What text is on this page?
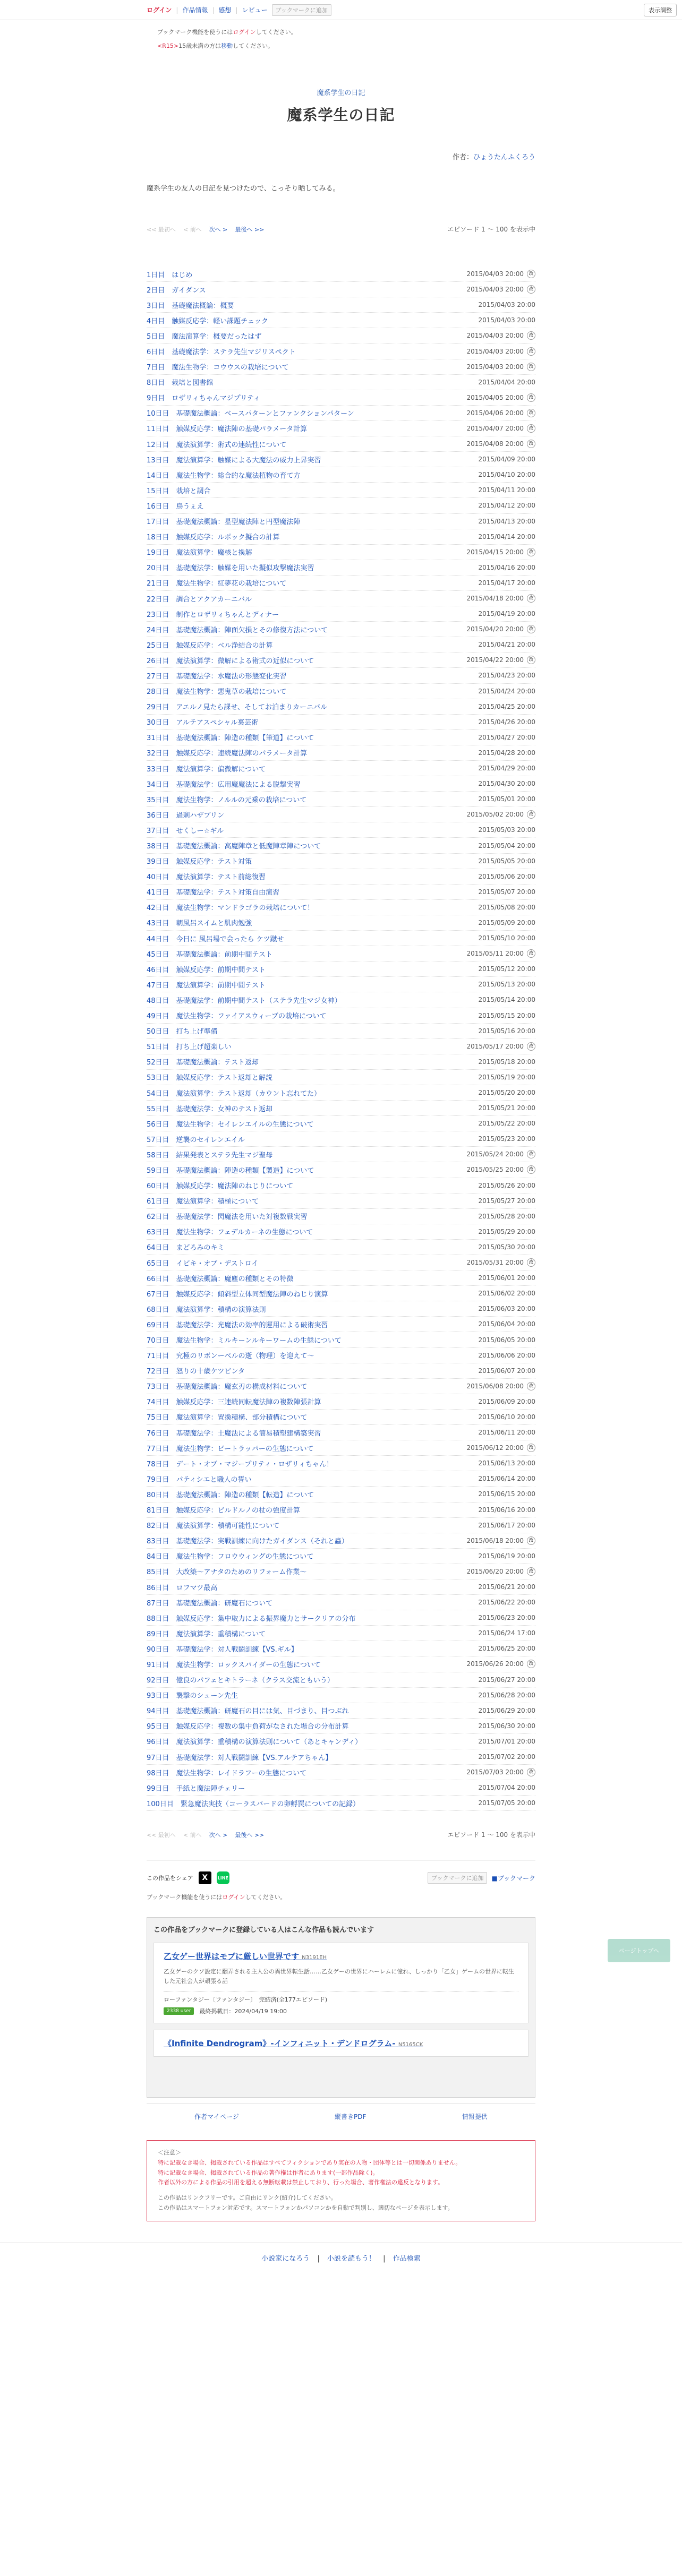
ログイン | 作品情報 | 感想 | レビュー	ブックマークに追加	表示調整
ブックマーク機能を使うにはログインしてください。
<R15>15歳未満の方は移動してください。
魔系学生の日記
魔系学生の日記
作者：ひょうたんふくろう
魔系学生の友人の日記を見つけたので、こっそり晒してみる。
<< 最初へ < 前へ 次へ > 最後へ >>	エピソード 1 ～ 100 を表示中
1日目　はじめ	2015/04/03 20:00	改
2日目　ガイダンス	2015/04/03 20:00	改
3日目　基礎魔法概論：概要	2015/04/03 20:00
4日目　触媒反応学：軽い課題チェック	2015/04/03 20:00
5日目　魔法演算学：概要だったはず	2015/04/03 20:00	改
6日目　基礎魔法学：ステラ先生マジリスペクト	2015/04/03 20:00	改
7日目　魔法生物学：コウウスの栽培について	2015/04/03 20:00	改
8日目　栽培と図書館	2015/04/04 20:00
9日目　ロザリィちゃんマジプリティ	2015/04/05 20:00	改
10日目　基礎魔法概論：ベースパターンとファンクションパターン	2015/04/06 20:00	改
11日目　触媒反応学：魔法陣の基礎パラメータ計算	2015/04/07 20:00	改
12日目　魔法演算学：術式の連続性について	2015/04/08 20:00	改
13日目　魔法演算学：触媒による大魔法の威力上昇実習	2015/04/09 20:00
14日目　魔法生物学：総合的な魔法植物の育て方	2015/04/10 20:00
15日目　栽培と調合	2015/04/11 20:00
16日目　鳥うぇえ	2015/04/12 20:00
17日目　基礎魔法概論：星型魔法陣と円型魔法陣	2015/04/13 20:00
18日目　触媒反応学：ルポック擬合の計算	2015/04/14 20:00
19日目　魔法演算学：魔核と換解	2015/04/15 20:00	改
20日目　基礎魔法学：触媒を用いた擬似攻撃魔法実習	2015/04/16 20:00
21日目　魔法生物学：紅夢花の栽培について	2015/04/17 20:00
22日目　調合とアクアカーニバル	2015/04/18 20:00	改
23日目　制作とロザリィちゃんとディナー	2015/04/19 20:00
24日目　基礎魔法概論：陣面欠損とその修復方法について	2015/04/20 20:00	改
25日目　触媒反応学：ベル浄結合の計算	2015/04/21 20:00
26日目　魔法演算学：微解による術式の近似について	2015/04/22 20:00	改
27日目　基礎魔法学：水魔法の形態変化実習	2015/04/23 20:00
28日目　魔法生物学：悪鬼草の栽培について	2015/04/24 20:00
29日目　アエルノ見たら課せ、そしてお泊まりカーニバル	2015/04/25 20:00
30日目　アルテアスペシャル裏芸術	2015/04/26 20:00
31日目　基礎魔法概論：陣造の種類【筆道】について	2015/04/27 20:00
32日目　触媒反応学：連続魔法陣のパラメータ計算	2015/04/28 20:00
33日目　魔法演算学：偏微解について	2015/04/29 20:00
34日目　基礎魔法学：広用魔魔法による脱撃実習	2015/04/30 20:00
35日目　魔法生物学：ノルルの元乗の栽培について	2015/05/01 20:00
36日目　過剰ハザプリン	2015/05/02 20:00	改
37日目　せくしー☆ギル	2015/05/03 20:00
38日目　基礎魔法概論：高魔陣章と低魔陣章陣について	2015/05/04 20:00
39日目　触媒反応学：テスト対策	2015/05/05 20:00
40日目　魔法演算学：テスト前総復習	2015/05/06 20:00
41日目　基礎魔法学：テスト対策自由演習	2015/05/07 20:00
42日目　魔法生物学：マンドラゴラの栽培について！	2015/05/08 20:00
43日目　朝風呂スイムと肌肉勉強	2015/05/09 20:00
44日目　今日に 風呂場で会ったら ケツ蹴せ	2015/05/10 20:00
45日目　基礎魔法概論：前期中間テスト	2015/05/11 20:00	改
46日目　触媒反応学：前期中間テスト	2015/05/12 20:00
47日目　魔法演算学：前期中間テスト	2015/05/13 20:00
48日目　基礎魔法学：前期中間テスト（ステラ先生マジ女神）	2015/05/14 20:00
49日目　魔法生物学：ファイアスウィーブの栽培について	2015/05/15 20:00
50日目　打ち上げ準備	2015/05/16 20:00
51日目　打ち上げ超楽しい	2015/05/17 20:00	改
52日目　基礎魔法概論：テスト返却	2015/05/18 20:00
53日目　触媒反応学：テスト返却と解説	2015/05/19 20:00
54日目　魔法演算学：テスト返却（カウント忘れてた）	2015/05/20 20:00
55日目　基礎魔法学：女神のテスト返却	2015/05/21 20:00
56日目　魔法生物学：セイレンエイルの生態について	2015/05/22 20:00
57日目　逆襲のセイレンエイル	2015/05/23 20:00
58日目　結果発表とステラ先生マジ聖母	2015/05/24 20:00	改
59日目　基礎魔法概論：陣造の種類【製造】について	2015/05/25 20:00	改
60日目　触媒反応学：魔法陣のねじりについて	2015/05/26 20:00
61日目　魔法演算学：積極について	2015/05/27 20:00
62日目　基礎魔法学：閃魔法を用いた対複数戦実習	2015/05/28 20:00
63日目　魔法生物学：フェデルカーネの生態について	2015/05/29 20:00
64日目　まどろみのキミ	2015/05/30 20:00
65日目　イビキ・オブ・デストロイ	2015/05/31 20:00	改
66日目　基礎魔法概論：魔塵の種類とその特徴	2015/06/01 20:00
67日目　触媒反応学：傾斜型立体同型魔法陣のねじり演算	2015/06/02 20:00
68日目　魔法演算学：積構の演算法則	2015/06/03 20:00
69日目　基礎魔法学：光魔法の効率的運用による破術実習	2015/06/04 20:00
70日目　魔法生物学：ミルキーンルキーワームの生態について	2015/06/05 20:00
71日目　究極のリボンーベルの逝（物理）を迎えて～	2015/06/06 20:00
72日目　怒りの十歳ケツビンタ	2015/06/07 20:00
73日目　基礎魔法概論：魔玄刃の構成材料について	2015/06/08 20:00	改
74日目　触媒反応学：三連続同転魔法陣の複数陣張計算	2015/06/09 20:00
75日目　魔法演算学：置換積構、部分積構について	2015/06/10 20:00
76日目　基礎魔法学：土魔法による簡易積塑建構築実習	2015/06/11 20:00
77日目　魔法生物学：ビートラッパーの生態について	2015/06/12 20:00	改
78日目　デート・オブ・マジープリティ・ロザリィちゃん！	2015/06/13 20:00
79日目　パティシエと職人の誓い	2015/06/14 20:00
80日目　基礎魔法概論：陣造の種類【転造】について	2015/06/15 20:00
81日目　触媒反応学：ビルドルノの杖の強度計算	2015/06/16 20:00
82日目　魔法演算学：積構可能性について	2015/06/17 20:00
83日目　基礎魔法学：実戦訓練に向けたガイダンス（それと蟲）	2015/06/18 20:00	改
84日目　魔法生物学：フロウウィングの生態について	2015/06/19 20:00
85日目　大改築～アナタのためのリフォーム作業～	2015/06/20 20:00	改
86日目　ロフマツ最高	2015/06/21 20:00
87日目　基礎魔法概論：研魔石について	2015/06/22 20:00
88日目　触媒反応学：集中取力による振界魔力とサークリアの分布	2015/06/23 20:00
89日目　魔法演算学：重積構について	2015/06/24 17:00
90日目　基礎魔法学：対人戦闘訓練【VS.ギル】	2015/06/25 20:00
91日目　魔法生物学：ロックスパイダーの生態について	2015/06/26 20:00	改
92日目　億良のパフェとキトラーネ（クラス交流ともいう）	2015/06/27 20:00
93日目　襲撃のシューン先生	2015/06/28 20:00
94日目　基礎魔法概論：研魔石の目には気、目づまり、目つぶれ	2015/06/29 20:00
95日目　触媒反応学：複数の集中負荷がなされた場合の分布計算	2015/06/30 20:00
96日目　魔法演算学：重積構の演算法則について（あとキャンディ）	2015/07/01 20:00
97日目　基礎魔法学：対人戦闘訓練【VS.アルテアちゃん】	2015/07/02 20:00
98日目　魔法生物学：レイドラフーの生態について	2015/07/03 20:00	改
99日目　手紙と魔法陣チェリー	2015/07/04 20:00
100日目　緊急魔法実技（コーラスバードの卵孵罠についての記録）	2015/07/05 20:00
<< 最初へ < 前へ 次へ > 最後へ >>	エピソード 1 ～ 100 を表示中
この作品をシェア	X	LINE	ブックマークに追加
■	ブックマーク
ブックマーク機能を使うにはログインしてください。
この作品をブックマークに登録している人はこんな作品も読んでいます
乙女ゲー世界はモブに厳しい世界です N3191EH
乙女ゲーのクソ設定に翻弄される主人公の異世界転生話……乙女ゲーの世界にハーレムに憧れ、しっかり「乙女」ゲームの世界に転生した元社会人が頑張る話
ローファンタジー〔ファンタジー〕　完結済(全177エピソード)
2338 user	最終掲載日：2024/04/19 19:00
《Infinite Dendrogram》-インフィニット・デンドログラム- N5165CK
作者マイページ	縦書きPDF	情報提供
＜注意＞
特に記載なき場合、掲載されている作品はすべてフィクションであり実在の人物・団体等とは一切関係ありません。
特に記載なき場合、掲載されている作品の著作権は作者にあります(一部作品除く)。
作者以外の方による作品の引用を超える無断転載は禁止しており、行った場合、著作権法の違反となります。
この作品はリンクフリーです。ご自由にリンク(紹介)してください。
この作品はスマートフォン対応です。スマートフォンかパソコンかを自動で判別し、適切なページを表示します。
小説家になろう | 小説を読もう！ | 作品検索
ページトップへ
